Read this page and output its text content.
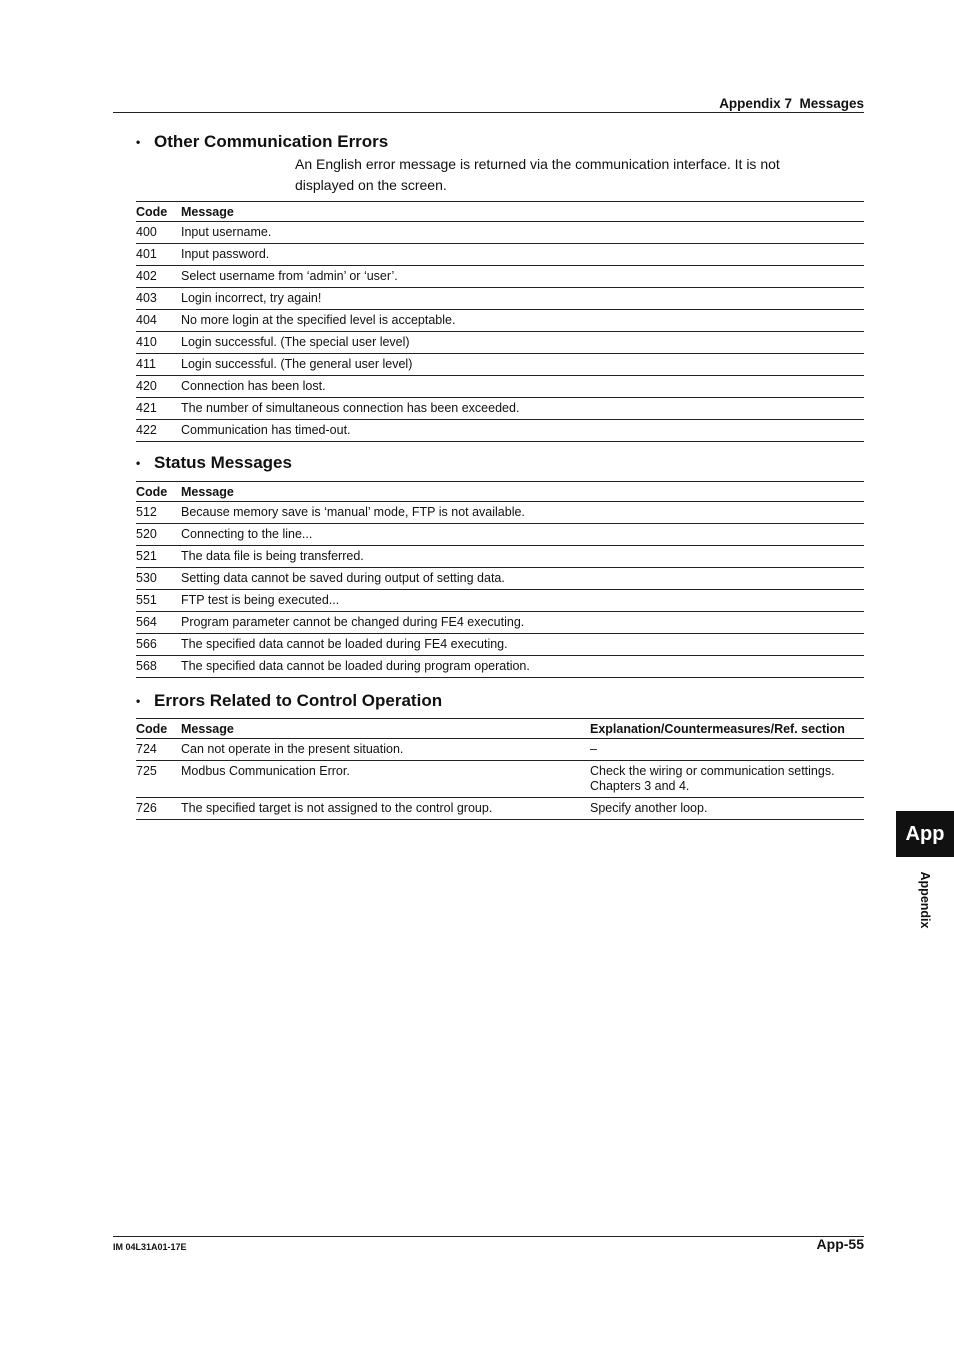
Appendix 7  Messages
• Other Communication Errors
An English error message is returned via the communication interface. It is not displayed on the screen.
Code	Message
400	Input username.
401	Input password.
402	Select username from ‘admin’ or ‘user’.
403	Login incorrect, try again!
404	No more login at the specified level is acceptable.
410	Login successful. (The special user level)
411	Login successful. (The general user level)
420	Connection has been lost.
421	The number of simultaneous connection has been exceeded.
422	Communication has timed-out.
• Status Messages
Code	Message
512	Because memory save is ‘manual’ mode, FTP is not available.
520	Connecting to the line...
521	The data file is being transferred.
530	Setting data cannot be saved during output of setting data.
551	FTP test is being executed...
564	Program parameter cannot be changed during FE4 executing.
566	The specified data cannot be loaded during FE4 executing.
568	The specified data cannot be loaded during program operation.
• Errors Related to Control Operation
Code	Message	Explanation/Countermeasures/Ref. section
724	Can not operate in the present situation.	–
725	Modbus Communication Error.	Check the wiring or communication settings.
Chapters 3 and 4.
726	The specified target is not assigned to the control group.	Specify another loop.
App
Appendix
IM 04L31A01-17E	App-55
